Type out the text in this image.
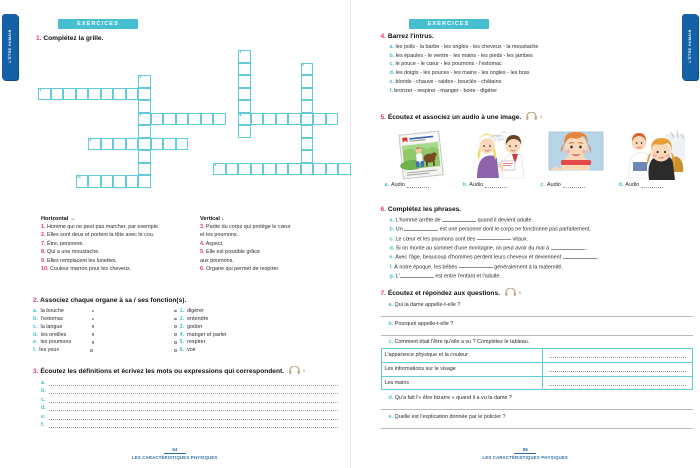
L'ÊTRE HUMAIN
EXERCICES
1. Complétez la grille.
1
3
7
2
10
4
8
5
9
Horizontal →
1. Homme qui ne peut pas marcher, par exemple.
2. Elles sont deux et portent la tête avec le cou.
7. Être, personne.
8. Qui a une moustache.
9. Elles remplacent les lunettes.
10. Couleur marron pour les cheveux.
Vertical ↓
3. Partie du corps qui protège le cœur
et les poumons.
4. Aspect.
5. Elle est possible grâce
aux poumons.
6. Organe qui permet de respirer.
2. Associez chaque organe à sa / ses fonction(s).
a. la bouche
b. l'estomac
c. la langue
d. les oreilles
e. les poumons
f. les yeux
1. digérer
2. entendre
3. goûter
4. manger et parler
5. respirer
6. voir
3. Écoutez les définitions et écrivez les mots ou expressions qui correspondent.	3
a.
b.
c.
d.
e.
f.
54
LES CARACTÉRISTIQUES PHYSIQUES
L'ÊTRE HUMAIN
EXERCICES
4. Barrez l'intrus.
a. les poils - la barbe - les ongles - les cheveux - la moustache
b. les épaules - le ventre - les mains - les pieds - les jambes
c. le pouce - le cœur - les poumons - l'estomac
d. les doigts - les pouces - les mains - les ongles - les bras
e. blonds - chauve - raides - bouclés - châtains
f. bronzer - respirer - manger - boire - digérer
5. Écoutez et associez un audio à une image.	4
a. Audio	b. Audio	c. Audio	d. Audio
6. Complétez les phrases.
a. L'homme arrête de	quand il devient adulte.
b. Un	est une personne dont le corps ne fonctionne pas parfaitement.
c. Le cœur et les poumons sont des	vitaux.
d. Si on monte au sommet d'une montagne, on peut avoir du mal à	.
e. Avec l'âge, beaucoup d'hommes perdent leurs cheveux et deviennent	.
f. À notre époque, les bébés	généralement à la maternité.
g. L'	est entre l'enfant et l'adulte.
7. Écoutez et répondez aux questions.	5
a. Qui la dame appelle-t-elle ?
b. Pourquoi appelle-t-elle ?
c. Comment était l'être qu'elle a vu ? Complétez le tableau.
L'apparence physique et la couleur	

Les informations sur le visage	

Les mains	
d. Qu'a fait l'« être bizarre » quand il a vu la dame ?
e. Quelle est l'explication donnée par le policier ?
55
LES CARACTÉRISTIQUES PHYSIQUES
